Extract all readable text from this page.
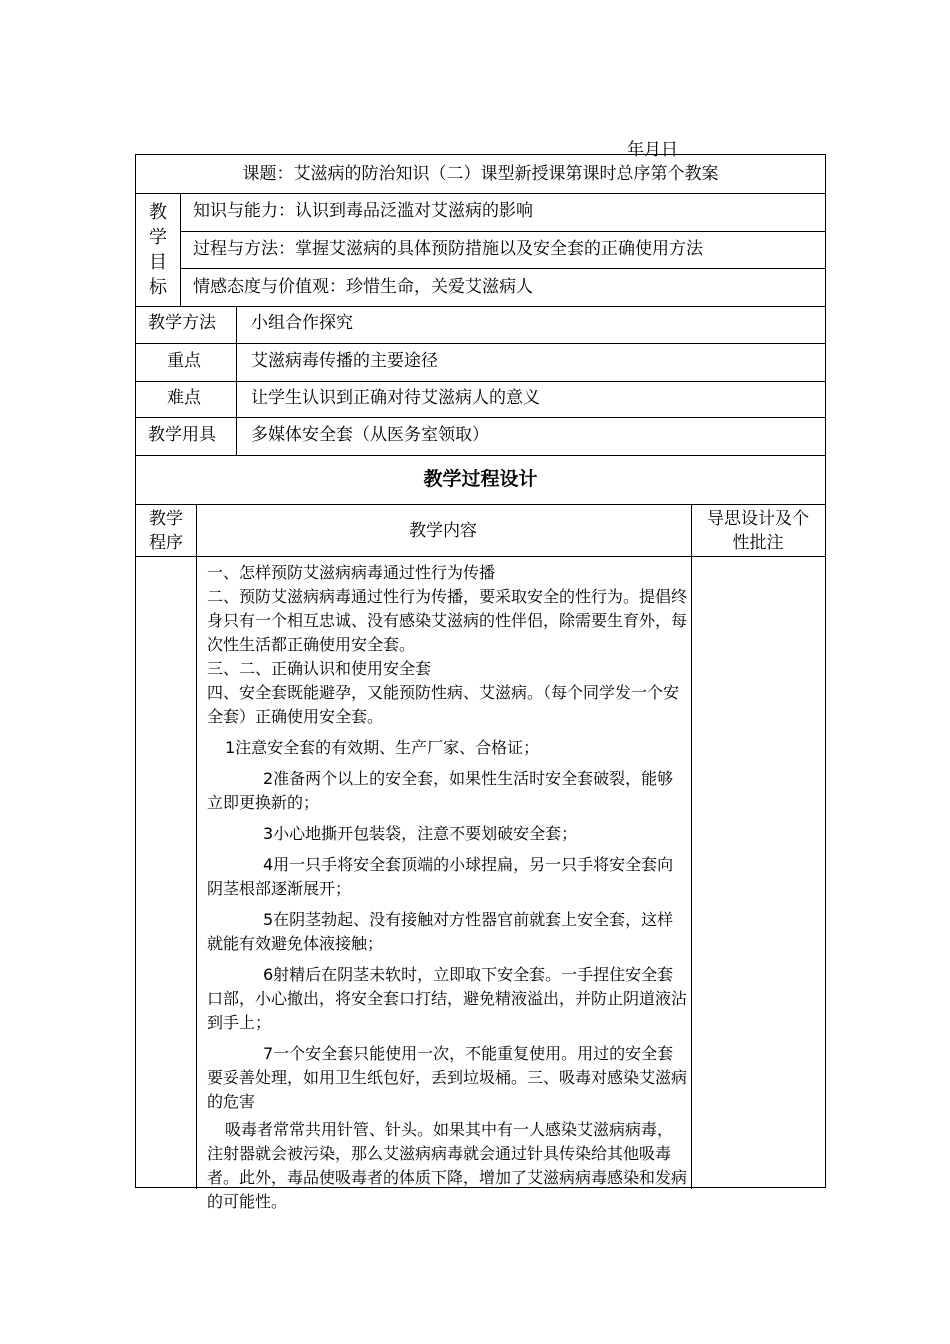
年月日
课题：艾滋病的防治知识（二）课型新授课第课时总序第个教案
教
学
目
标
知识与能力：认识到毒品泛滥对艾滋病的影响
过程与方法：掌握艾滋病的具体预防措施以及安全套的正确使用方法
情感态度与价值观：珍惜生命，关爱艾滋病人
教学方法 小组合作探究
重点	艾滋病毒传播的主要途径
难点	让学生认识到正确对待艾滋病人的意义
教学用具 多媒体安全套（从医务室领取）
教学过程设计
教学
程序
教学内容
导思设计及个
性批注

一、怎样预防艾滋病病毒通过性行为传播

二、预防艾滋病病毒通过性行为传播，要采取安全的性行为。提倡终身只有一个相互忠诚、没有感染艾滋病的性伴侣，除需要生育外，每次性生活都正确使用安全套。

三、二、正确认识和使用安全套

四、安全套既能避孕，又能预防性病、艾滋病。（每个同学发一个安全套）正确使用安全套。

1注意安全套的有效期、生产厂家、合格证；

2准备两个以上的安全套，如果性生活时安全套破裂，能够立即更换新的；

3小心地撕开包装袋，注意不要划破安全套；

4用一只手将安全套顶端的小球捏扁，另一只手将安全套向阴茎根部逐渐展开；

5在阴茎勃起、没有接触对方性器官前就套上安全套，这样就能有效避免体液接触；

6射精后在阴茎未软时，立即取下安全套。一手捏住安全套口部，小心撤出，将安全套口打结，避免精液溢出，并防止阴道液沾到手上；

7一个安全套只能使用一次，不能重复使用。用过的安全套要妥善处理，如用卫生纸包好，丢到垃圾桶。三、吸毒对感染艾滋病的危害

吸毒者常常共用针管、针头。如果其中有一人感染艾滋病病毒，注射器就会被污染，那么艾滋病病毒就会通过针具传染给其他吸毒者。此外，毒品使吸毒者的体质下降，增加了艾滋病病毒感染和发病的可能性。
